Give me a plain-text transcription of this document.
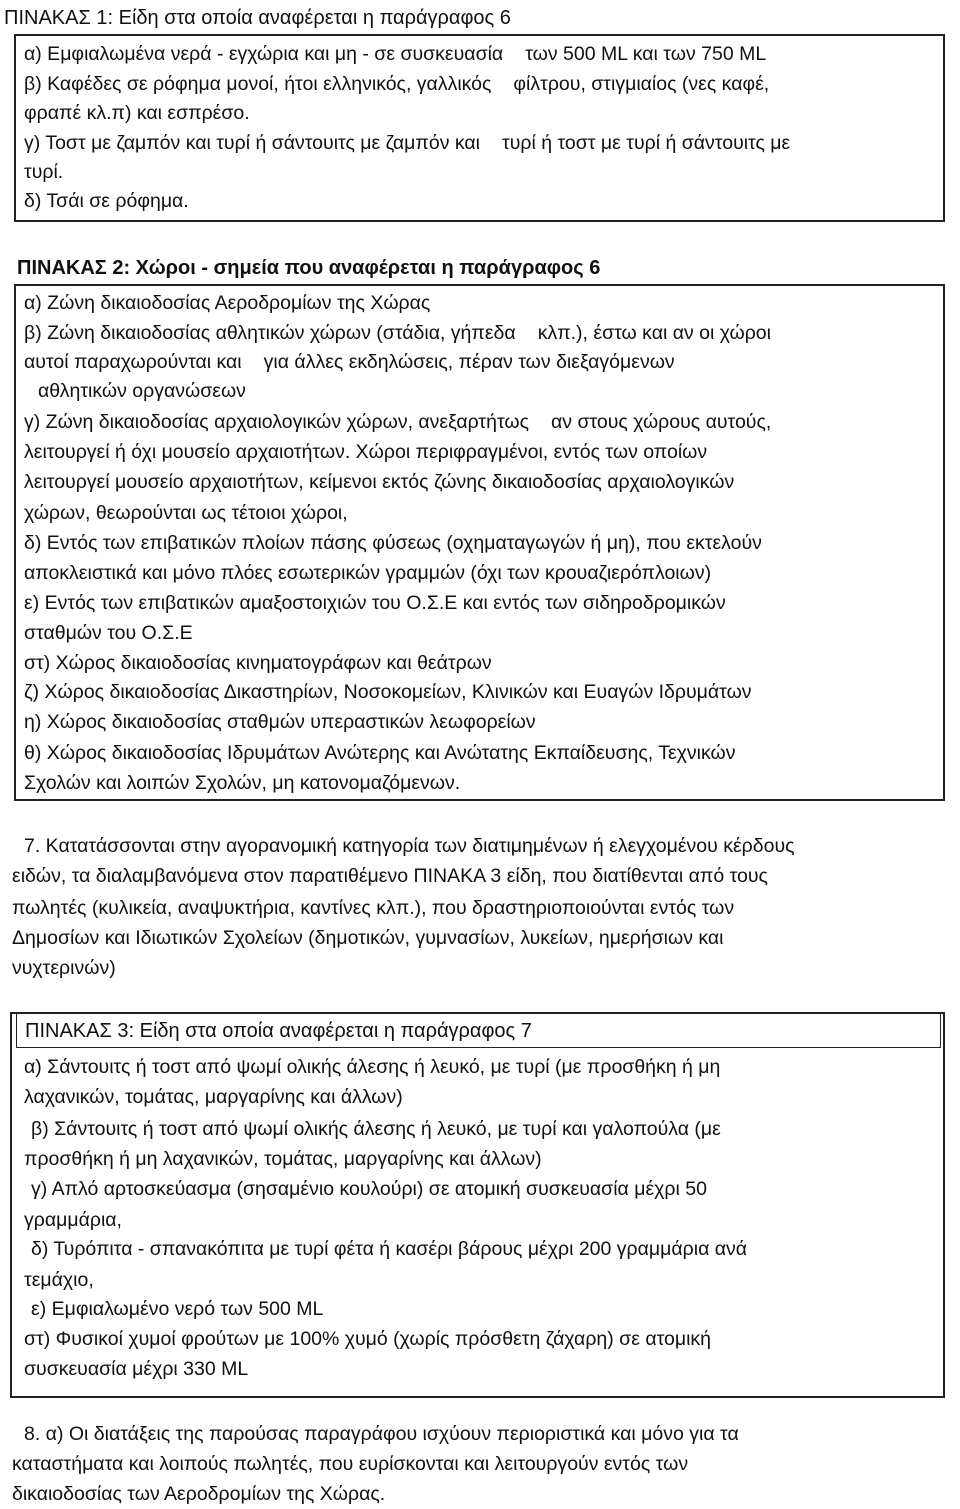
ΠΙΝΑΚΑΣ 1: Είδη στα οποία αναφέρεται η παράγραφος 6
α) Εμφιαλωμένα νερά - εγχώρια και μη - σε συσκευασία των 500 ML και των 750 ML
β) Καφέδες σε ρόφημα μονοί, ήτοι ελληνικός, γαλλικός φίλτρου, στιγμιαίος (νες καφέ,
φραπέ κλ.π) και εσπρέσο.
γ) Τοστ με ζαμπόν και τυρί ή σάντουιτς με ζαμπόν και τυρί ή τοστ με τυρί ή σάντουιτς με
τυρί.
δ) Τσάι σε ρόφημα.
ΠΙΝΑΚΑΣ 2: Χώροι - σημεία που αναφέρεται η παράγραφος 6
α) Ζώνη δικαιοδοσίας Αεροδρομίων της Χώρας
β) Ζώνη δικαιοδοσίας αθλητικών χώρων (στάδια, γήπεδα κλπ.), έστω και αν οι χώροι
αυτοί παραχωρούνται και για άλλες εκδηλώσεις, πέραν των διεξαγόμενων
αθλητικών οργανώσεων
γ) Ζώνη δικαιοδοσίας αρχαιολογικών χώρων, ανεξαρτήτως αν στους χώρους αυτούς,
λειτουργεί ή όχι μουσείο αρχαιοτήτων. Χώροι περιφραγμένοι, εντός των οποίων
λειτουργεί μουσείο αρχαιοτήτων, κείμενοι εκτός ζώνης δικαιοδοσίας αρχαιολογικών
χώρων, θεωρούνται ως τέτοιοι χώροι,
δ) Εντός των επιβατικών πλοίων πάσης φύσεως (οχηματαγωγών ή μη), που εκτελούν
αποκλειστικά και μόνο πλόες εσωτερικών γραμμών (όχι των κρουαζιερόπλοιων)
ε) Εντός των επιβατικών αμαξοστοιχιών του Ο.Σ.Ε και εντός των σιδηροδρομικών
σταθμών του Ο.Σ.Ε
στ) Χώρος δικαιοδοσίας κινηματογράφων και θεάτρων
ζ) Χώρος δικαιοδοσίας Δικαστηρίων, Νοσοκομείων, Κλινικών και Ευαγών Ιδρυμάτων
η) Χώρος δικαιοδοσίας σταθμών υπεραστικών λεωφορείων
θ) Χώρος δικαιοδοσίας Ιδρυμάτων Ανώτερης και Ανώτατης Εκπαίδευσης, Τεχνικών
Σχολών και λοιπών Σχολών, μη κατονομαζόμενων.
7. Κατατάσσονται στην αγορανομική κατηγορία των διατιμημένων ή ελεγχομένου κέρδους
ειδών, τα διαλαμβανόμενα στον παρατιθέμενο ΠΙΝΑΚΑ 3 είδη, που διατίθενται από τους
πωλητές (κυλικεία, αναψυκτήρια, καντίνες κλπ.), που δραστηριοποιούνται εντός των
Δημοσίων και Ιδιωτικών Σχολείων (δημοτικών, γυμνασίων, λυκείων, ημερήσιων και
νυχτερινών)
ΠΙΝΑΚΑΣ 3: Είδη στα οποία αναφέρεται η παράγραφος 7
α) Σάντουιτς ή τοστ από ψωμί ολικής άλεσης ή λευκό, με τυρί (με προσθήκη ή μη
λαχανικών, τομάτας, μαργαρίνης και άλλων)
β) Σάντουιτς ή τοστ από ψωμί ολικής άλεσης ή λευκό, με τυρί και γαλοπούλα (με
προσθήκη ή μη λαχανικών, τομάτας, μαργαρίνης και άλλων)
γ) Απλό αρτοσκεύασμα (σησαμένιο κουλούρι) σε ατομική συσκευασία μέχρι 50
γραμμάρια,
δ) Τυρόπιτα - σπανακόπιτα με τυρί φέτα ή κασέρι βάρους μέχρι 200 γραμμάρια ανά
τεμάχιο,
ε) Εμφιαλωμένο νερό των 500 ML
στ) Φυσικοί χυμοί φρούτων με 100% χυμό (χωρίς πρόσθετη ζάχαρη) σε ατομική
συσκευασία μέχρι 330 ML
8. α) Οι διατάξεις της παρούσας παραγράφου ισχύουν περιοριστικά και μόνο για τα
καταστήματα και λοιπούς πωλητές, που ευρίσκονται και λειτουργούν εντός των
δικαιοδοσίας των Αεροδρομίων της Χώρας.
